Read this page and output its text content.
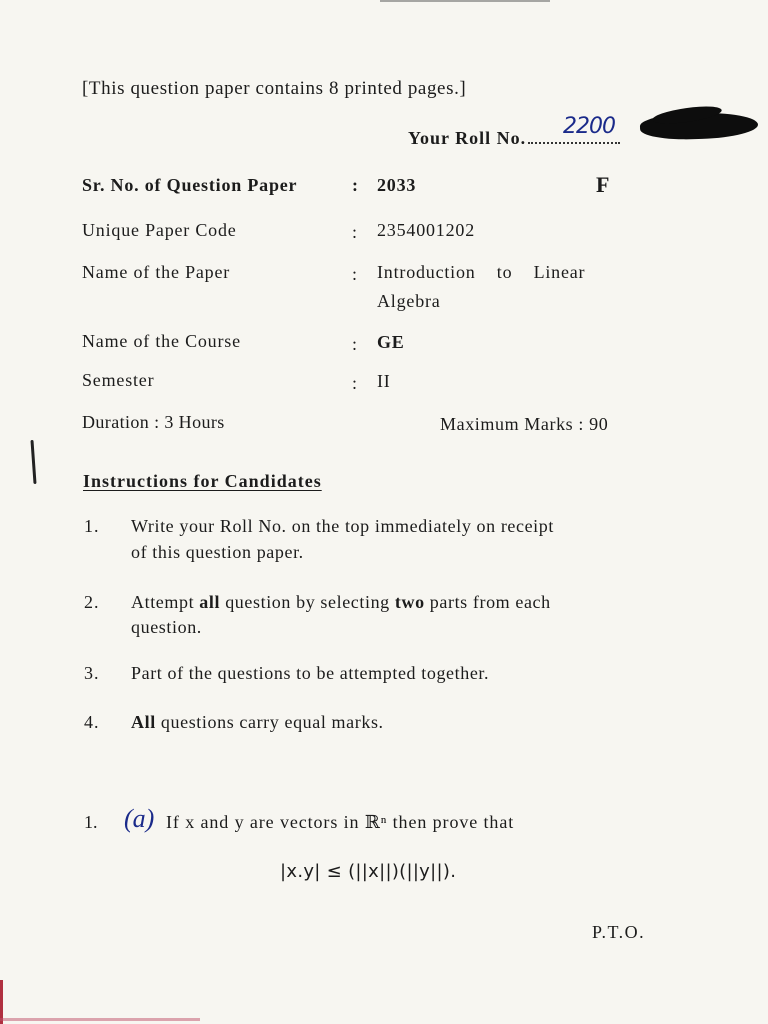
[This question paper contains 8 printed pages.]
Your Roll No.	2200
Sr. No. of Question Paper	: 2033	F
Unique Paper Code	: 2354001202
Name of the Paper	: Introduction    to    Linear
Algebra
Name of the Course	: GE
Semester	: II
Duration : 3 Hours	Maximum Marks : 90
Instructions for Candidates
1. Write your Roll No. on the top immediately on receipt
of this question paper.
2. Attempt all question by selecting two parts from each
question.
3. Part of the questions to be attempted together.
4. All questions carry equal marks.
1. (a) If x and y are vectors in ℝⁿ then prove that
|x.y| ≤ (||x||)(||y||).
P.T.O.
